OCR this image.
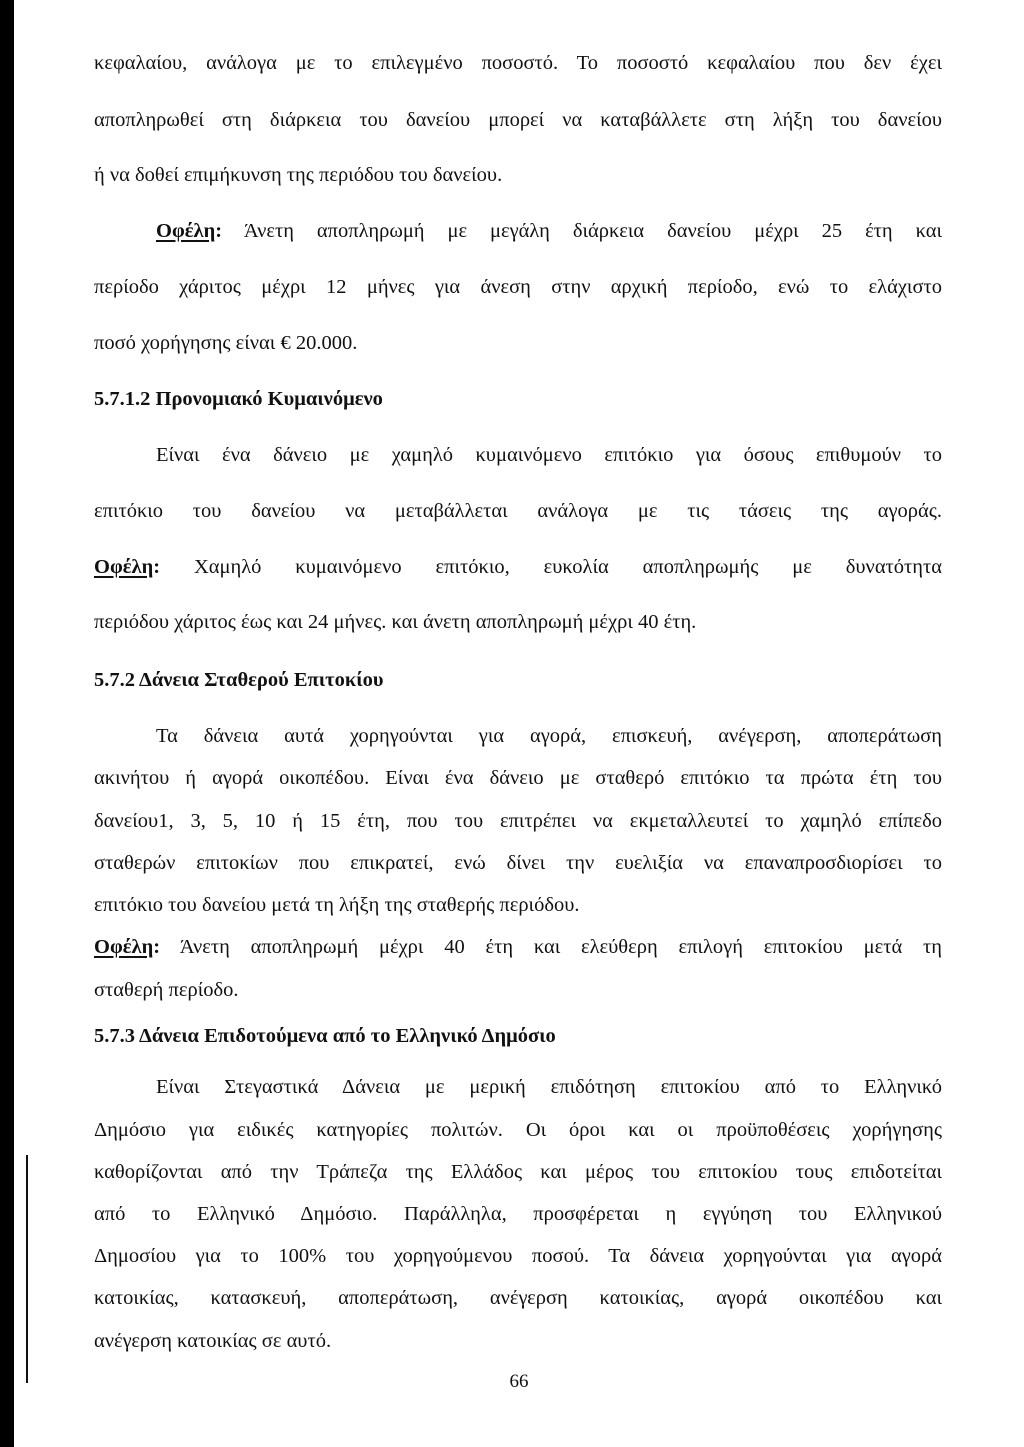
κεφαλαίου, ανάλογα με το επιλεγμένο ποσοστό. Το ποσοστό κεφαλαίου που δεν έχει
αποπληρωθεί στη διάρκεια του δανείου μπορεί να καταβάλλετε στη λήξη του δανείου
ή να δοθεί επιμήκυνση της περιόδου του δανείου.
Οφέλη: Άνετη αποπληρωμή με μεγάλη διάρκεια δανείου μέχρι 25 έτη και
περίοδο χάριτος μέχρι 12 μήνες για άνεση στην αρχική περίοδο, ενώ το ελάχιστο
ποσό χορήγησης είναι € 20.000.
5.7.1.2 Προνομιακό Κυμαινόμενο
Είναι ένα δάνειο με χαμηλό κυμαινόμενο επιτόκιο για όσους επιθυμούν το
επιτόκιο του δανείου να μεταβάλλεται ανάλογα με τις τάσεις της αγοράς.
Οφέλη: Χαμηλό κυμαινόμενο επιτόκιο, ευκολία αποπληρωμής με δυνατότητα
περιόδου χάριτος έως και 24 μήνες. και άνετη αποπληρωμή μέχρι 40 έτη.
5.7.2 Δάνεια Σταθερού Επιτοκίου
Τα δάνεια αυτά χορηγούνται για αγορά, επισκευή, ανέγερση, αποπεράτωση
ακινήτου ή αγορά οικοπέδου. Είναι ένα δάνειο με σταθερό επιτόκιο τα πρώτα έτη του
δανείου1, 3, 5, 10 ή 15 έτη, που του επιτρέπει να εκμεταλλευτεί το χαμηλό επίπεδο
σταθερών επιτοκίων που επικρατεί, ενώ δίνει την ευελιξία να επαναπροσδιορίσει το
επιτόκιο του δανείου μετά τη λήξη της σταθερής περιόδου.
Οφέλη: Άνετη αποπληρωμή μέχρι 40 έτη και ελεύθερη επιλογή επιτοκίου μετά τη
σταθερή περίοδο.
5.7.3 Δάνεια Επιδοτούμενα από το Ελληνικό Δημόσιο
Είναι Στεγαστικά Δάνεια με μερική επιδότηση επιτοκίου από το Ελληνικό
Δημόσιο για ειδικές κατηγορίες πολιτών. Οι όροι και οι προϋποθέσεις χορήγησης
καθορίζονται από την Τράπεζα της Ελλάδος και μέρος του επιτοκίου τους επιδοτείται
από το Ελληνικό Δημόσιο. Παράλληλα, προσφέρεται η εγγύηση του Ελληνικού
Δημοσίου για το 100% του χορηγούμενου ποσού. Τα δάνεια χορηγούνται για αγορά
κατοικίας, κατασκευή, αποπεράτωση, ανέγερση κατοικίας, αγορά οικοπέδου και
ανέγερση κατοικίας σε αυτό.
66
